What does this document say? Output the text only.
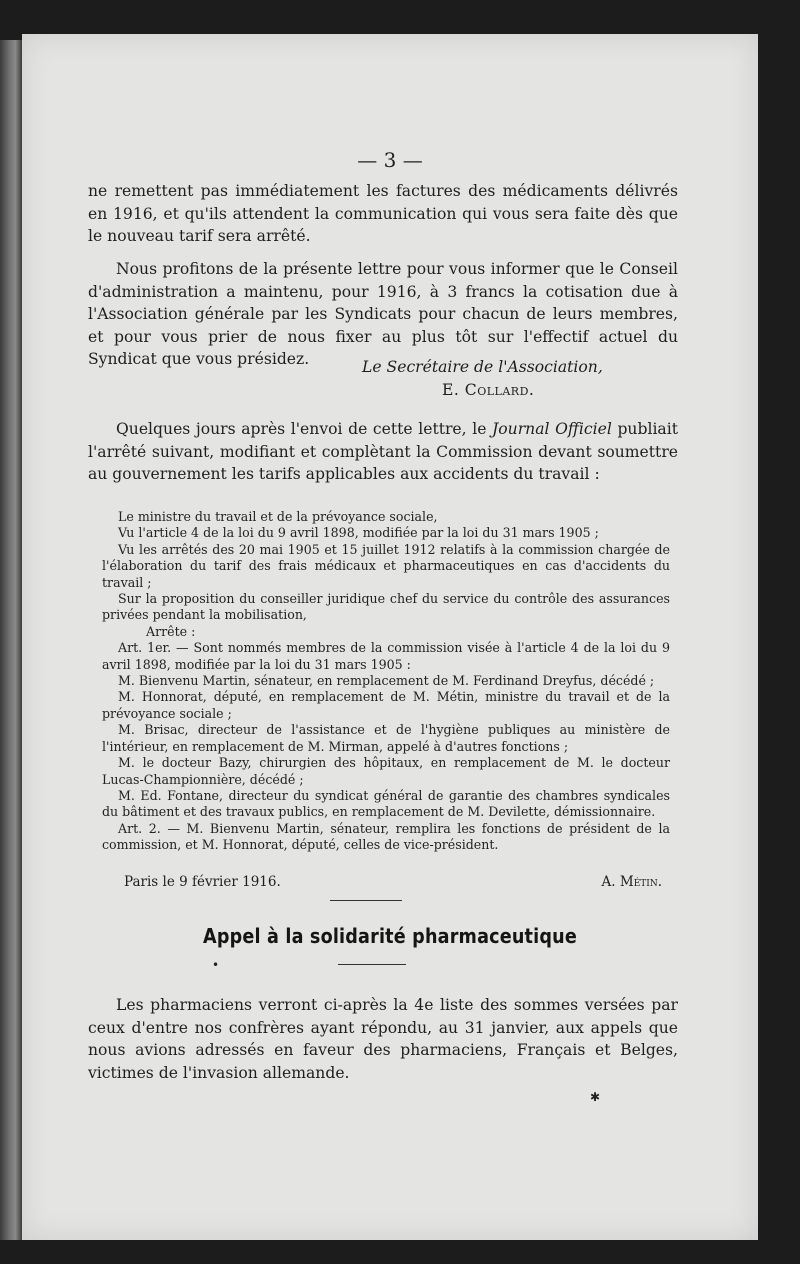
— 3 —

ne remettent pas immédiatement les factures des médicaments délivrés en 1916, et qu'ils attendent la communication qui vous sera faite dès que le nouveau tarif sera arrêté.

Nous profitons de la présente lettre pour vous informer que le Conseil d'administration a maintenu, pour 1916, à 3 francs la cotisation due à l'Association générale par les Syndicats pour chacun de leurs membres, et pour vous prier de nous fixer au plus tôt sur l'effectif actuel du Syndicat que vous présidez.	Le Secrétaire de l'Association,
E. Collard.

Quelques jours après l'envoi de cette lettre, le Journal Officiel publiait l'arrêté suivant, modifiant et complètant la Commission devant soumettre au gouvernement les tarifs applicables aux accidents du travail :

Le ministre du travail et de la prévoyance sociale,

Vu l'article 4 de la loi du 9 avril 1898, modifiée par la loi du 31 mars 1905 ;

Vu les arrêtés des 20 mai 1905 et 15 juillet 1912 relatifs à la commission chargée de l'élaboration du tarif des frais médicaux et pharmaceutiques en cas d'accidents du travail ;

Sur la proposition du conseiller juridique chef du service du contrôle des assurances privées pendant la mobilisation,

Arrête :

Art. 1er. — Sont nommés membres de la commission visée à l'article 4 de la loi du 9 avril 1898, modifiée par la loi du 31 mars 1905 :

M. Bienvenu Martin, sénateur, en remplacement de M. Ferdinand Dreyfus, décédé ;

M. Honnorat, député, en remplacement de M. Métin, ministre du travail et de la prévoyance sociale ;

M. Brisac, directeur de l'assistance et de l'hygiène publiques au ministère de l'intérieur, en remplacement de M. Mirman, appelé à d'autres fonctions ;

M. le docteur Bazy, chirurgien des hôpitaux, en remplacement de M. le docteur Lucas-Championnière, décédé ;

M. Ed. Fontane, directeur du syndicat général de garantie des chambres syndicales du bâtiment et des travaux publics, en remplacement de M. Devilette, démissionnaire.

Art. 2. — M. Bienvenu Martin, sénateur, remplira les fonctions de président de la commission, et M. Honnorat, député, celles de vice-président.

Paris le 9 février 1916.	A. Métin.
Appel à la solidarité pharmaceutique
•

Les pharmaciens verront ci-après la 4e liste des sommes versées par ceux d'entre nos confrères ayant répondu, au 31 janvier, aux appels que nous avions adressés en faveur des pharmaciens, Français et Belges, victimes de l'invasion allemande.

✱
